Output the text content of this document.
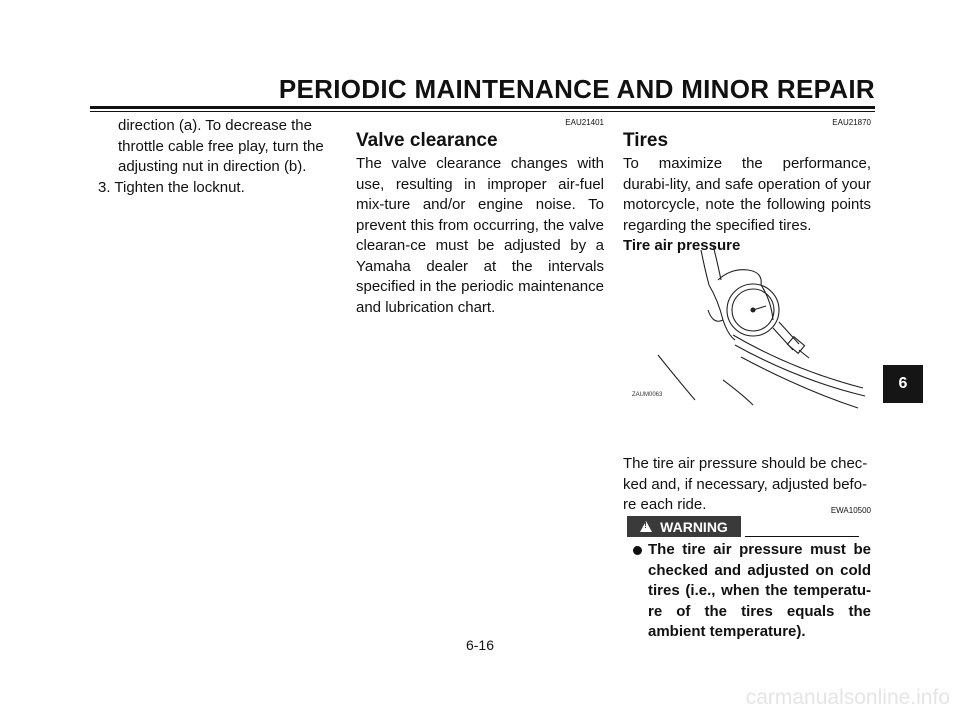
PERIODIC MAINTENANCE AND MINOR REPAIR
direction (a). To decrease the
throttle cable free play, turn the
adjusting nut in direction (b).
3. Tighten the locknut.
EAU21401
Valve clearance
The valve clearance changes with use, resulting in improper air-fuel mix-ture and/or engine noise. To prevent this from occurring, the valve clearan-ce must be adjusted by a Yamaha dealer at the intervals specified in the periodic maintenance and lubrication chart.
EAU21870
Tires
To maximize the performance, durabi-lity, and safe operation of your motorcycle, note the following points regarding the specified tires.
Tire air pressure
ZAUM0063
The tire air pressure should be chec-ked and, if necessary, adjusted befo-re each ride.	EWA10500
!
WARNING
The tire air pressure must be checked and adjusted on cold tires (i.e., when the temperatu-re of the tires equals the ambient temperature).
6-16
6
carmanualsonline.info
